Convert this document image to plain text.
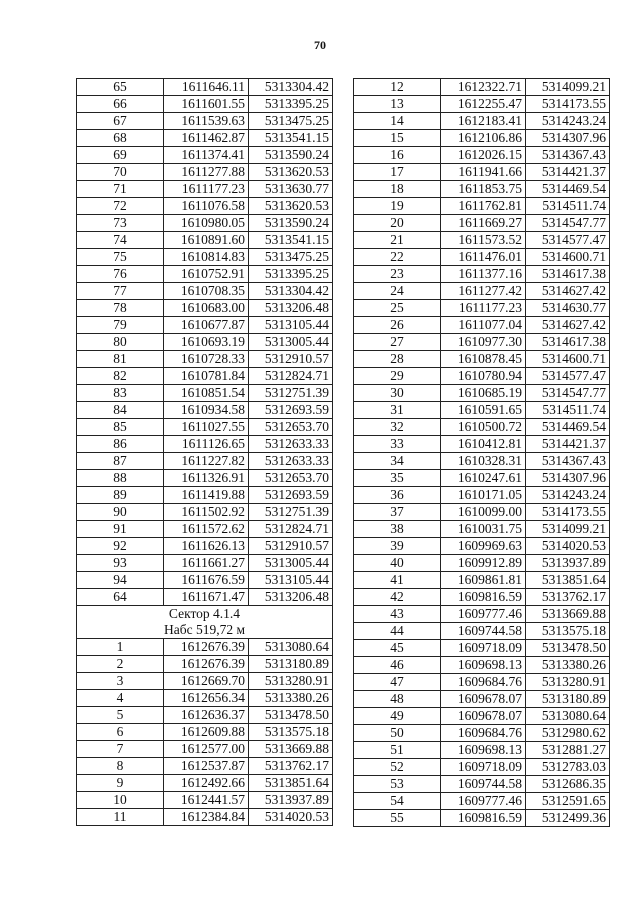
70
65	1611646.11	5313304.42
66	1611601.55	5313395.25
67	1611539.63	5313475.25
68	1611462.87	5313541.15
69	1611374.41	5313590.24
70	1611277.88	5313620.53
71	1611177.23	5313630.77
72	1611076.58	5313620.53
73	1610980.05	5313590.24
74	1610891.60	5313541.15
75	1610814.83	5313475.25
76	1610752.91	5313395.25
77	1610708.35	5313304.42
78	1610683.00	5313206.48
79	1610677.87	5313105.44
80	1610693.19	5313005.44
81	1610728.33	5312910.57
82	1610781.84	5312824.71
83	1610851.54	5312751.39
84	1610934.58	5312693.59
85	1611027.55	5312653.70
86	1611126.65	5312633.33
87	1611227.82	5312633.33
88	1611326.91	5312653.70
89	1611419.88	5312693.59
90	1611502.92	5312751.39
91	1611572.62	5312824.71
92	1611626.13	5312910.57
93	1611661.27	5313005.44
94	1611676.59	5313105.44
64	1611671.47	5313206.48

Сектор 4.1.4
Набс 519,72 м		

1	1612676.39	5313080.64
2	1612676.39	5313180.89
3	1612669.70	5313280.91
4	1612656.34	5313380.26
5	1612636.37	5313478.50
6	1612609.88	5313575.18
7	1612577.00	5313669.88
8	1612537.87	5313762.17
9	1612492.66	5313851.64
10	1612441.57	5313937.89
11	1612384.84	5314020.53
12	1612322.71	5314099.21
13	1612255.47	5314173.55
14	1612183.41	5314243.24
15	1612106.86	5314307.96
16	1612026.15	5314367.43
17	1611941.66	5314421.37
18	1611853.75	5314469.54
19	1611762.81	5314511.74
20	1611669.27	5314547.77
21	1611573.52	5314577.47
22	1611476.01	5314600.71
23	1611377.16	5314617.38
24	1611277.42	5314627.42
25	1611177.23	5314630.77
26	1611077.04	5314627.42
27	1610977.30	5314617.38
28	1610878.45	5314600.71
29	1610780.94	5314577.47
30	1610685.19	5314547.77
31	1610591.65	5314511.74
32	1610500.72	5314469.54
33	1610412.81	5314421.37
34	1610328.31	5314367.43
35	1610247.61	5314307.96
36	1610171.05	5314243.24
37	1610099.00	5314173.55
38	1610031.75	5314099.21
39	1609969.63	5314020.53
40	1609912.89	5313937.89
41	1609861.81	5313851.64
42	1609816.59	5313762.17
43	1609777.46	5313669.88
44	1609744.58	5313575.18
45	1609718.09	5313478.50
46	1609698.13	5313380.26
47	1609684.76	5313280.91
48	1609678.07	5313180.89
49	1609678.07	5313080.64
50	1609684.76	5312980.62
51	1609698.13	5312881.27
52	1609718.09	5312783.03
53	1609744.58	5312686.35
54	1609777.46	5312591.65
55	1609816.59	5312499.36
